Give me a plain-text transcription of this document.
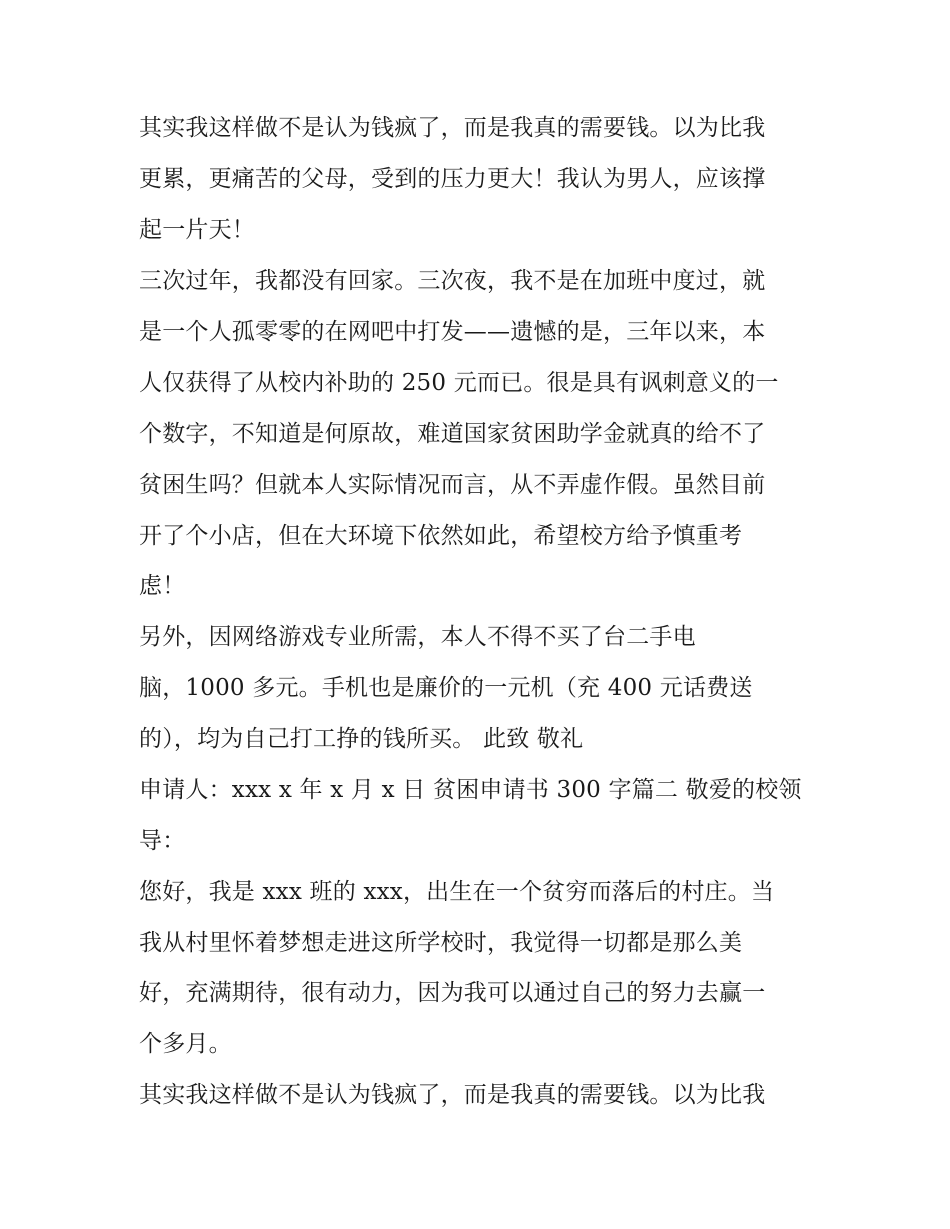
其实我这样做不是认为钱疯了，而是我真的需要钱。以为比我
更累，更痛苦的父母，受到的压力更大！我认为男人，应该撑
起一片天！
三次过年，我都没有回家。三次夜，我不是在加班中度过，就
是一个人孤零零的在网吧中打发——遗憾的是，三年以来，本
人仅获得了从校内补助的 250 元而已。很是具有讽刺意义的一
个数字，不知道是何原故，难道国家贫困助学金就真的给不了
贫困生吗？但就本人实际情况而言，从不弄虚作假。虽然目前
开了个小店，但在大环境下依然如此，希望校方给予慎重考
虑！
另外，因网络游戏专业所需，本人不得不买了台二手电
脑，1000 多元。手机也是廉价的一元机（充 400 元话费送
的），均为自己打工挣的钱所买。 此致 敬礼
申请人：xxx x 年 x 月 x 日 贫困申请书 300 字篇二 敬爱的校领
导：
您好，我是 xxx 班的 xxx，出生在一个贫穷而落后的村庄。当
我从村里怀着梦想走进这所学校时，我觉得一切都是那么美
好，充满期待，很有动力，因为我可以通过自己的努力去赢一
个多月。
其实我这样做不是认为钱疯了，而是我真的需要钱。以为比我
